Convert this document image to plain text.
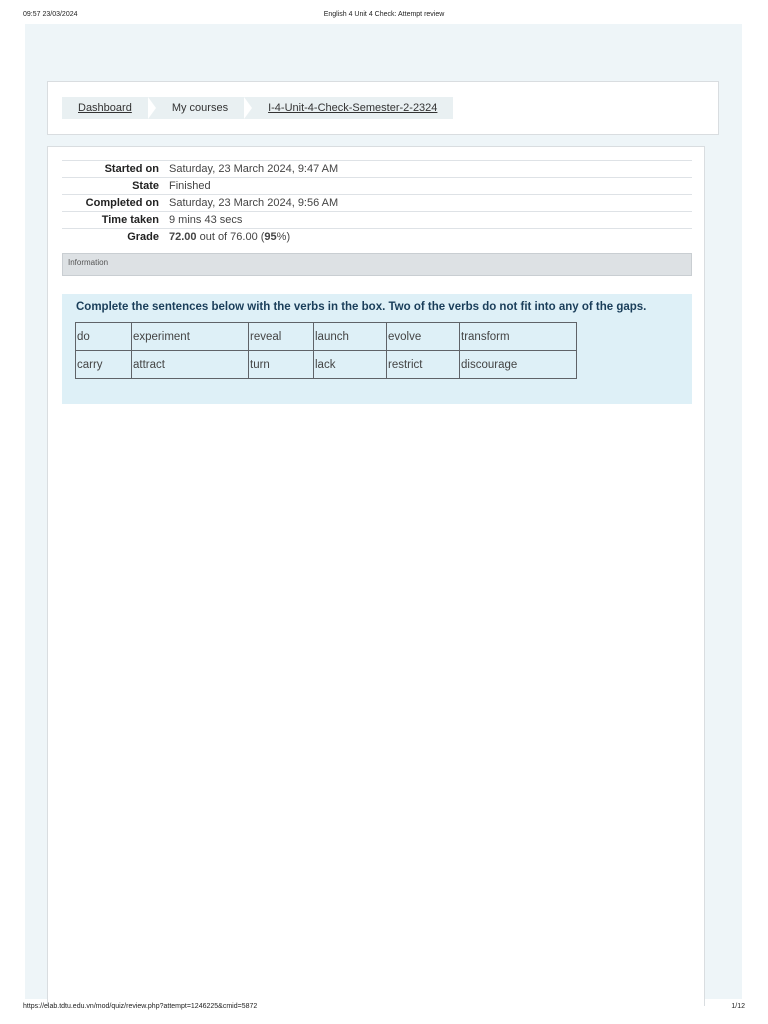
09:57 23/03/2024	English 4 Unit 4 Check: Attempt review
Dashboard	My courses	I-4-Unit-4-Check-Semester-2-2324
Started on	Saturday, 23 March 2024, 9:47 AM
State	Finished
Completed on	Saturday, 23 March 2024, 9:56 AM
Time taken	9 mins 43 secs
Grade	72.00 out of 76.00 (95%)
Information
Complete the sentences below with the verbs in the box. Two of the verbs do not fit into any of the gaps.
do	experiment	reveal	launch	evolve	transform
carry	attract	turn	lack	restrict	discourage
https://elab.tdtu.edu.vn/mod/quiz/review.php?attempt=1246225&cmid=5872	1/12
